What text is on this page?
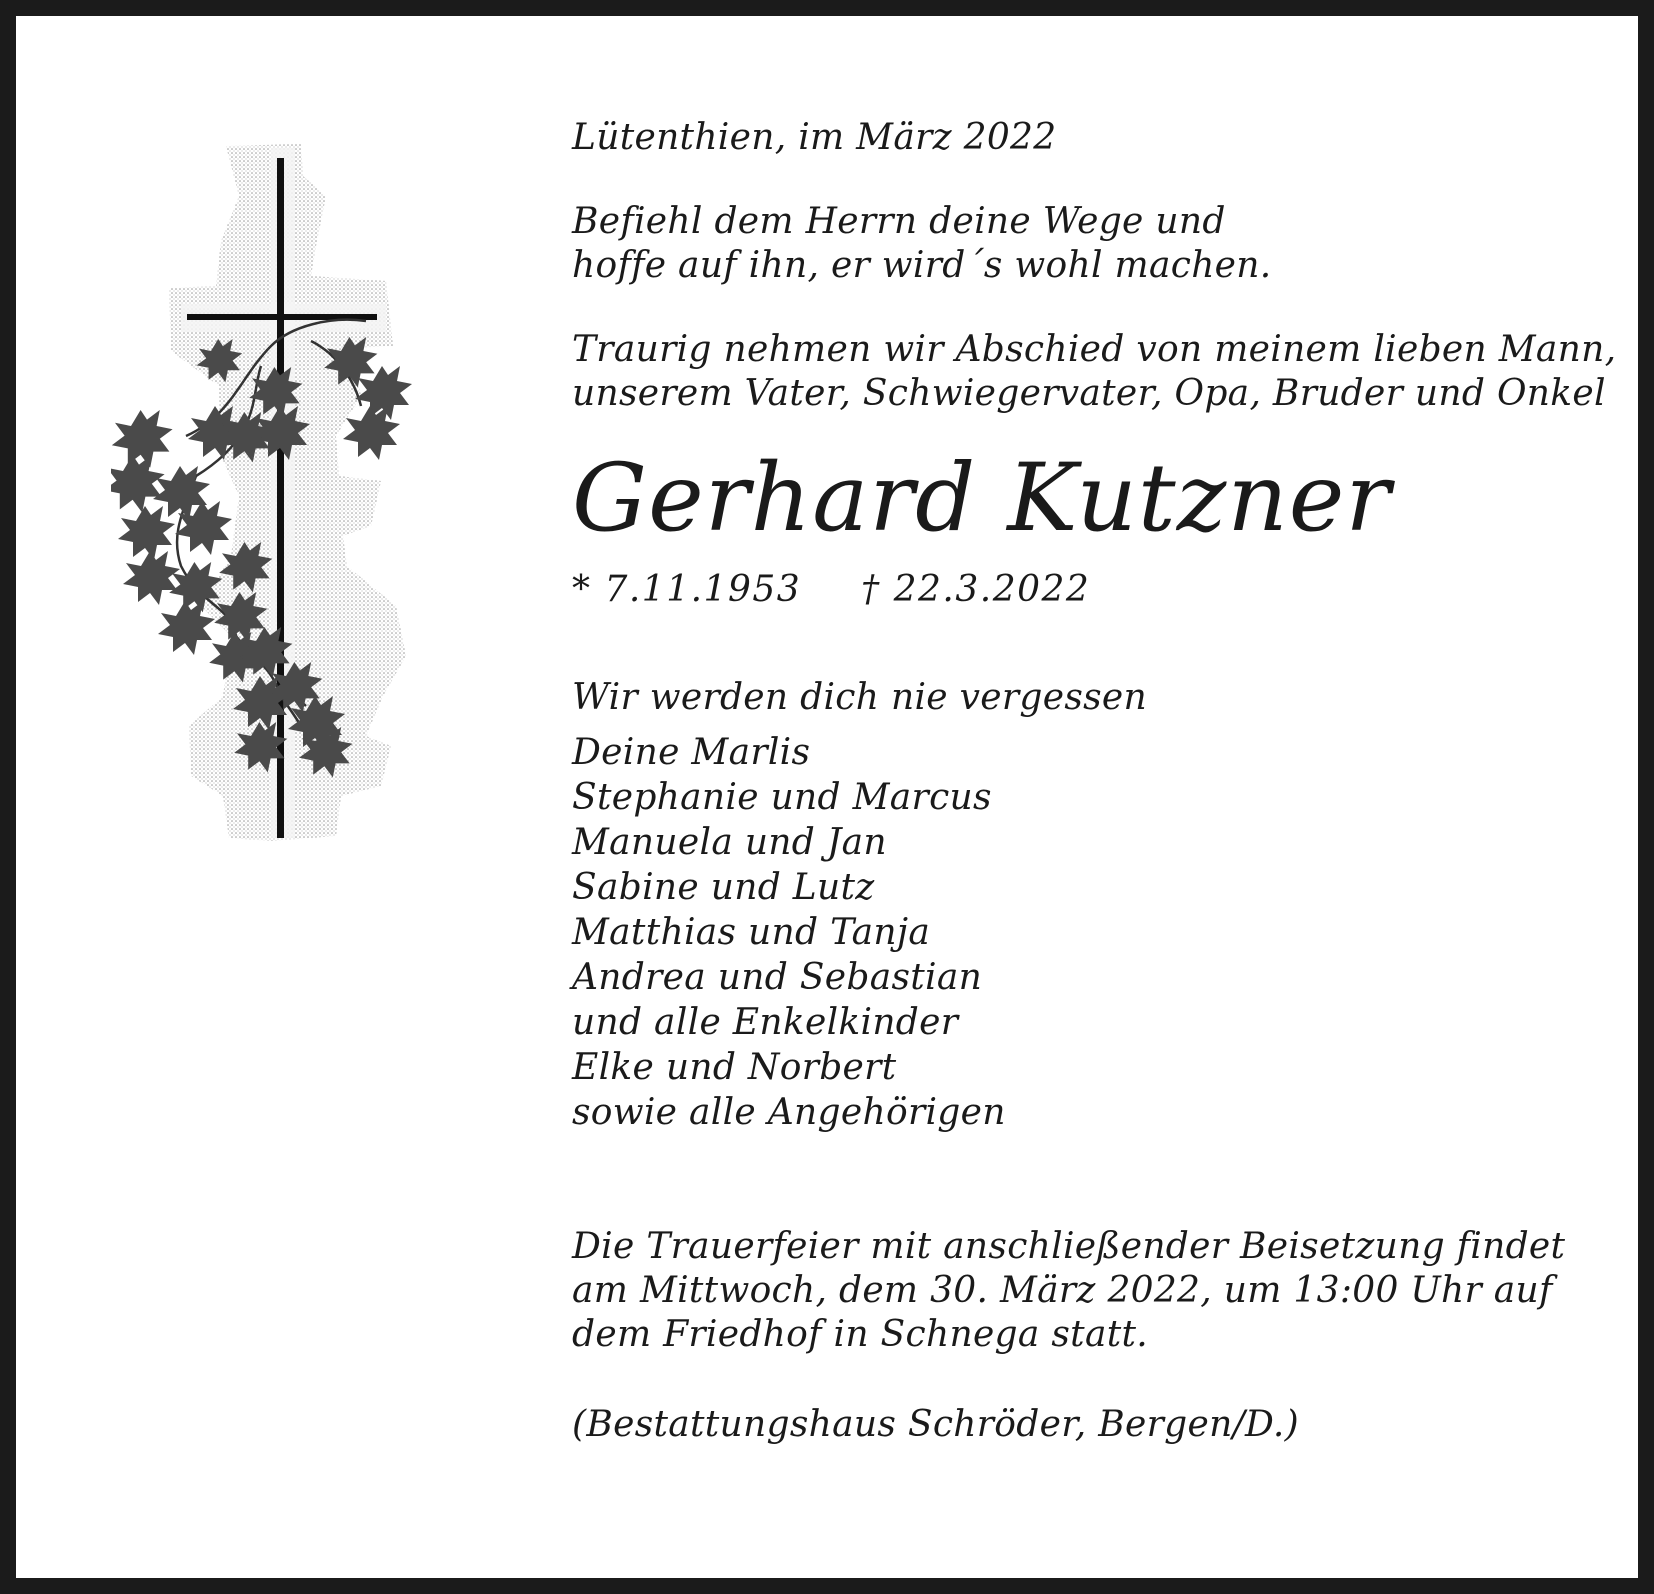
Lütenthien, im März 2022
Befiehl dem Herrn deine Wege und
hoffe auf ihn, er wird´s wohl machen.
Traurig nehmen wir Abschied von meinem lieben Mann,
unserem Vater, Schwiegervater, Opa, Bruder und Onkel
Gerhard Kutzner
* 7.11.1953 † 22.3.2022
Wir werden dich nie vergessen
Deine Marlis
Stephanie und Marcus
Manuela und Jan
Sabine und Lutz
Matthias und Tanja
Andrea und Sebastian
und alle Enkelkinder
Elke und Norbert
sowie alle Angehörigen
Die Trauerfeier mit anschließender Beisetzung findet
am Mittwoch, dem 30. März 2022, um 13:00 Uhr auf
dem Friedhof in Schnega statt.
(Bestattungshaus Schröder, Bergen/D.)
